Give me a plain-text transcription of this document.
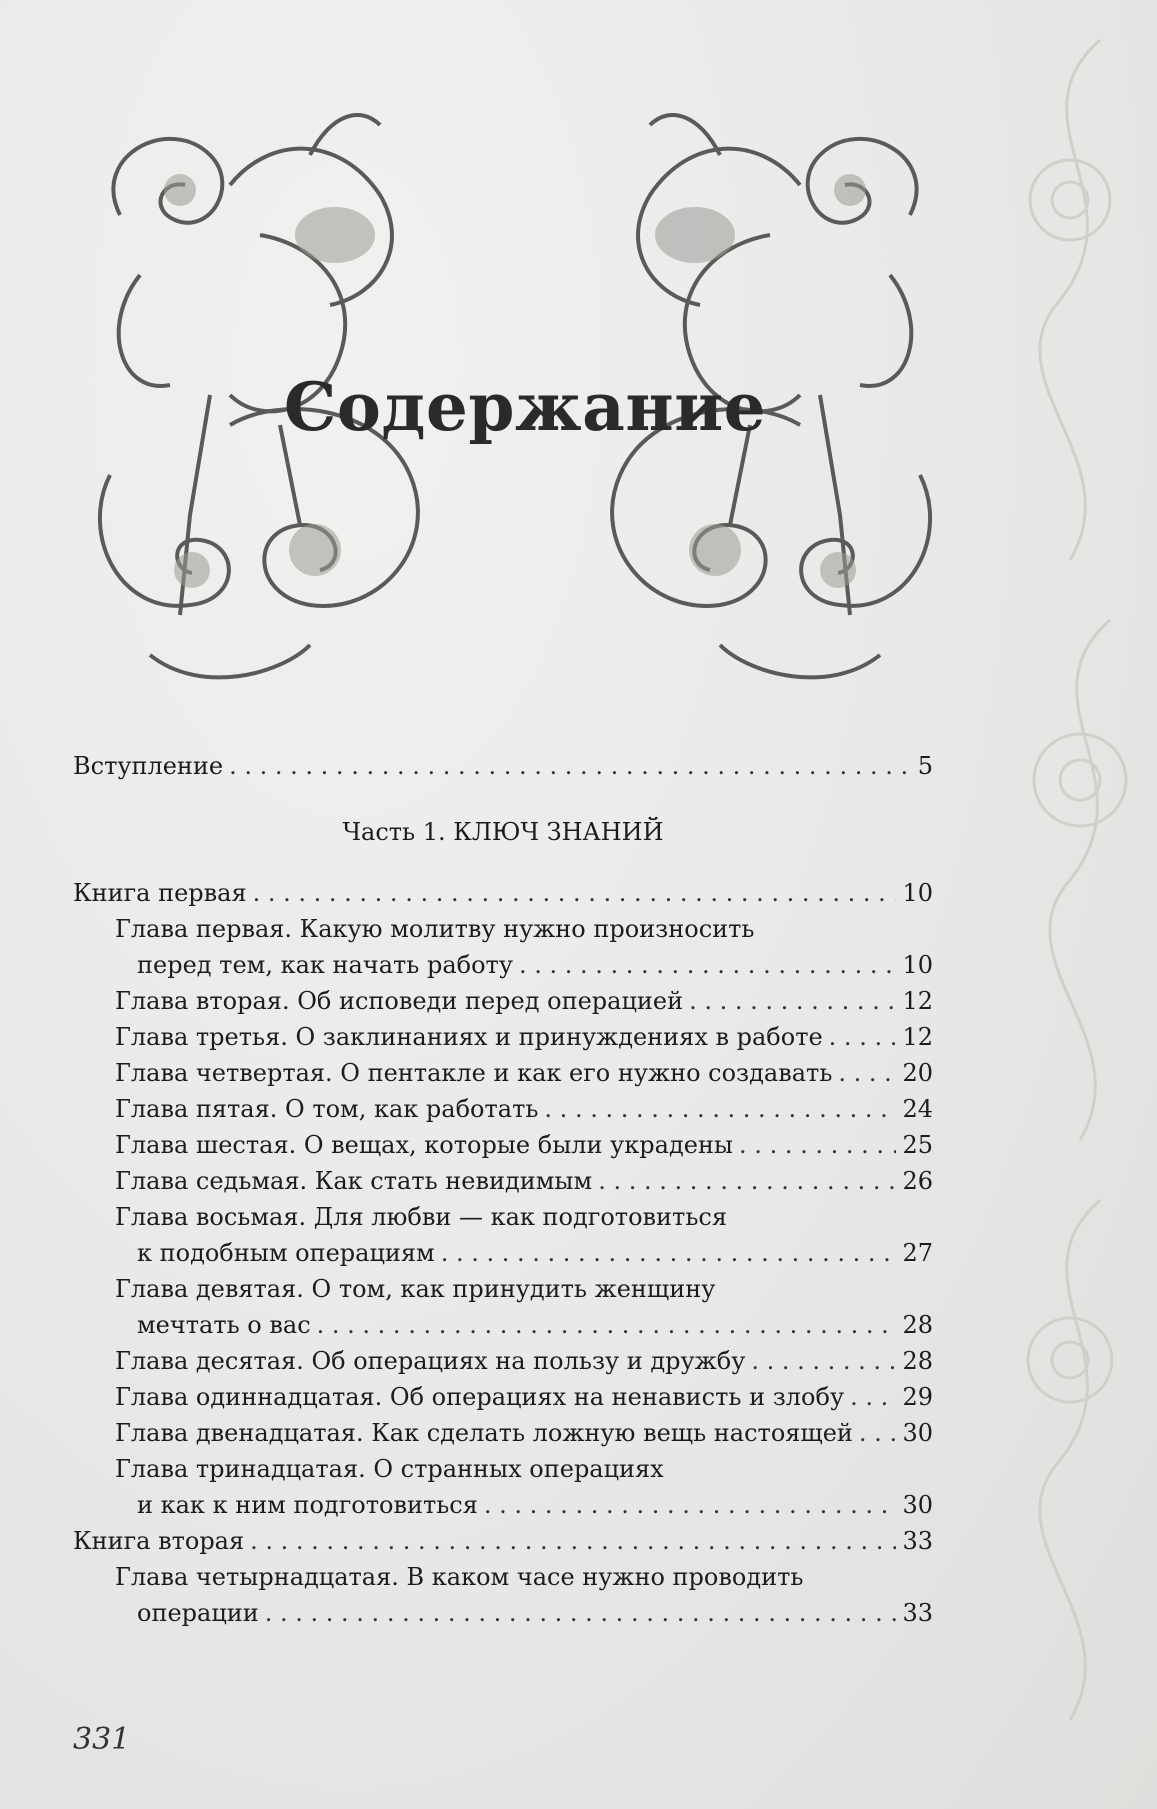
Содержание
Вступление . . .	5
Часть 1. КЛЮЧ ЗНАНИЙ
Книга первая . . .	10
Глава первая. Какую молитву нужно произносить
перед тем, как начать работу . . .	10
Глава вторая. Об исповеди перед операцией . . .	12
Глава третья. О заклинаниях и принуждениях в работе . . .	12
Глава четвертая. О пентакле и как его нужно создавать . . .	20
Глава пятая. О том, как работать . . .	24
Глава шестая. О вещах, которые были украдены . . .	25
Глава седьмая. Как стать невидимым . . .	26
Глава восьмая. Для любви — как подготовиться
к подобным операциям . . .	27
Глава девятая. О том, как принудить женщину
мечтать о вас . . .	28
Глава десятая. Об операциях на пользу и дружбу . . .	28
Глава одиннадцатая. Об операциях на ненависть и злобу . . . 29
Глава двенадцатая. Как сделать ложную вещь настоящей . . . 30
Глава тринадцатая. О странных операциях
и как к ним подготовиться . . .	30
Книга вторая . . .	33
Глава четырнадцатая. В каком часе нужно проводить
операции . . .	33
331
